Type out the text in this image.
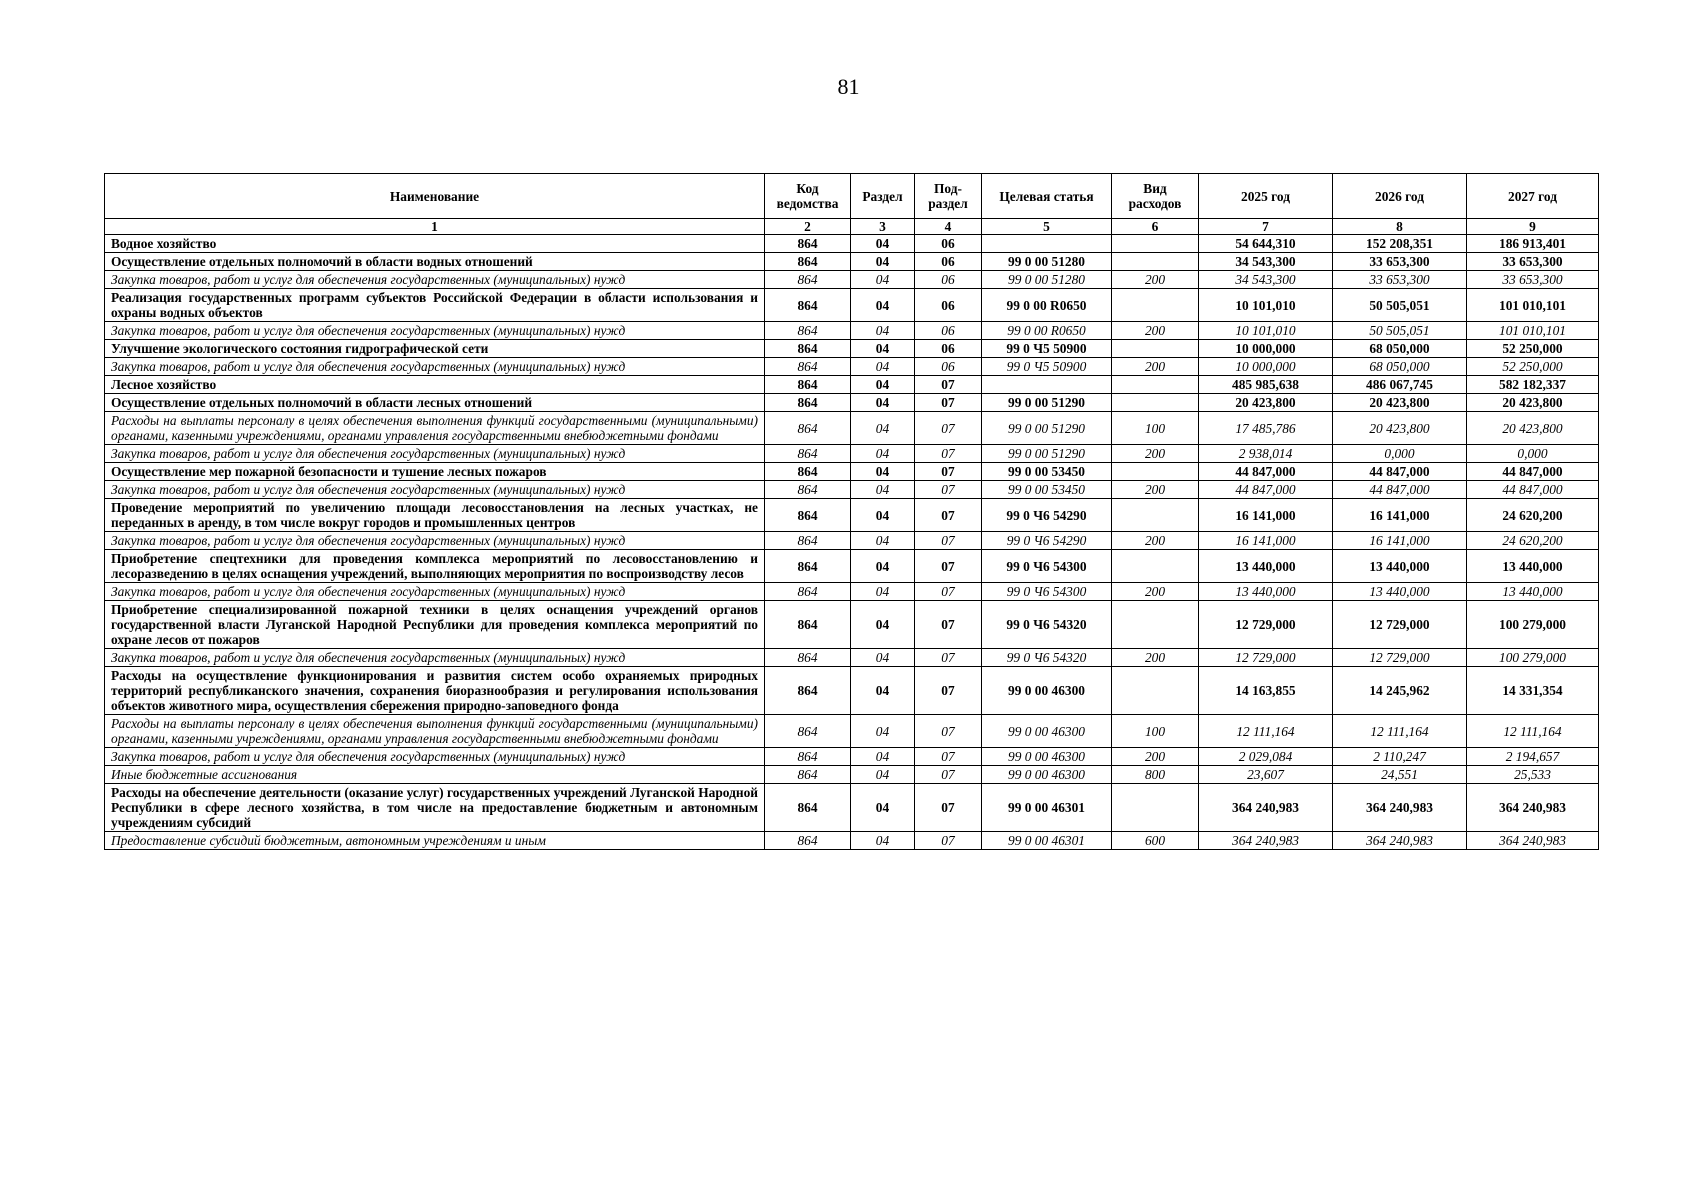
81
Наименование	Код ведомства	Раздел	Под-раздел	Целевая статья	Вид расходов	2025 год	2026 год	2027 год
1	2	3	4	5	6	7	8	9
Водное хозяйство	864	04	06			54 644,310	152 208,351	186 913,401
Осуществление отдельных полномочий в области водных отношений	864	04	06	99 0 00 51280		34 543,300	33 653,300	33 653,300
Закупка товаров, работ и услуг для обеспечения государственных (муниципальных) нужд	864	04	06	99 0 00 51280	200	34 543,300	33 653,300	33 653,300
Реализация государственных программ субъектов Российской Федерации в области использования и охраны водных объектов	864	04	06	99 0 00 R0650		10 101,010	50 505,051	101 010,101
Закупка товаров, работ и услуг для обеспечения государственных (муниципальных) нужд	864	04	06	99 0 00 R0650	200	10 101,010	50 505,051	101 010,101
Улучшение экологического состояния гидрографической сети	864	04	06	99 0 Ч5 50900		10 000,000	68 050,000	52 250,000
Закупка товаров, работ и услуг для обеспечения государственных (муниципальных) нужд	864	04	06	99 0 Ч5 50900	200	10 000,000	68 050,000	52 250,000
Лесное хозяйство	864	04	07			485 985,638	486 067,745	582 182,337
Осуществление отдельных полномочий в области лесных отношений	864	04	07	99 0 00 51290		20 423,800	20 423,800	20 423,800
Расходы на выплаты персоналу в целях обеспечения выполнения функций государственными (муниципальными) органами, казенными учреждениями, органами управления государственными внебюджетными фондами	864	04	07	99 0 00 51290	100	17 485,786	20 423,800	20 423,800
Закупка товаров, работ и услуг для обеспечения государственных (муниципальных) нужд	864	04	07	99 0 00 51290	200	2 938,014	0,000	0,000
Осуществление мер пожарной безопасности и тушение лесных пожаров	864	04	07	99 0 00 53450		44 847,000	44 847,000	44 847,000
Закупка товаров, работ и услуг для обеспечения государственных (муниципальных) нужд	864	04	07	99 0 00 53450	200	44 847,000	44 847,000	44 847,000
Проведение мероприятий по увеличению площади лесовосстановления на лесных участках, не переданных в аренду, в том числе вокруг городов и промышленных центров	864	04	07	99 0 Ч6 54290		16 141,000	16 141,000	24 620,200
Закупка товаров, работ и услуг для обеспечения государственных (муниципальных) нужд	864	04	07	99 0 Ч6 54290	200	16 141,000	16 141,000	24 620,200
Приобретение спецтехники для проведения комплекса мероприятий по лесовосстановлению и лесоразведению в целях оснащения учреждений, выполняющих мероприятия по воспроизводству лесов	864	04	07	99 0 Ч6 54300		13 440,000	13 440,000	13 440,000
Закупка товаров, работ и услуг для обеспечения государственных (муниципальных) нужд	864	04	07	99 0 Ч6 54300	200	13 440,000	13 440,000	13 440,000
Приобретение специализированной пожарной техники в целях оснащения учреждений органов государственной власти Луганской Народной Республики для проведения комплекса мероприятий по охране лесов от пожаров	864	04	07	99 0 Ч6 54320		12 729,000	12 729,000	100 279,000
Закупка товаров, работ и услуг для обеспечения государственных (муниципальных) нужд	864	04	07	99 0 Ч6 54320	200	12 729,000	12 729,000	100 279,000
Расходы на осуществление функционирования и развития систем особо охраняемых природных территорий республиканского значения, сохранения биоразнообразия и регулирования использования объектов животного мира, осуществления сбережения природно-заповедного фонда	864	04	07	99 0 00 46300		14 163,855	14 245,962	14 331,354
Расходы на выплаты персоналу в целях обеспечения выполнения функций государственными (муниципальными) органами, казенными учреждениями, органами управления государственными внебюджетными фондами	864	04	07	99 0 00 46300	100	12 111,164	12 111,164	12 111,164
Закупка товаров, работ и услуг для обеспечения государственных (муниципальных) нужд	864	04	07	99 0 00 46300	200	2 029,084	2 110,247	2 194,657
Иные бюджетные ассигнования	864	04	07	99 0 00 46300	800	23,607	24,551	25,533
Расходы на обеспечение деятельности (оказание услуг) государственных учреждений Луганской Народной Республики в сфере лесного хозяйства, в том числе на предоставление бюджетным и автономным учреждениям субсидий	864	04	07	99 0 00 46301		364 240,983	364 240,983	364 240,983
Предоставление субсидий бюджетным, автономным учреждениям и иным	864	04	07	99 0 00 46301	600	364 240,983	364 240,983	364 240,983
